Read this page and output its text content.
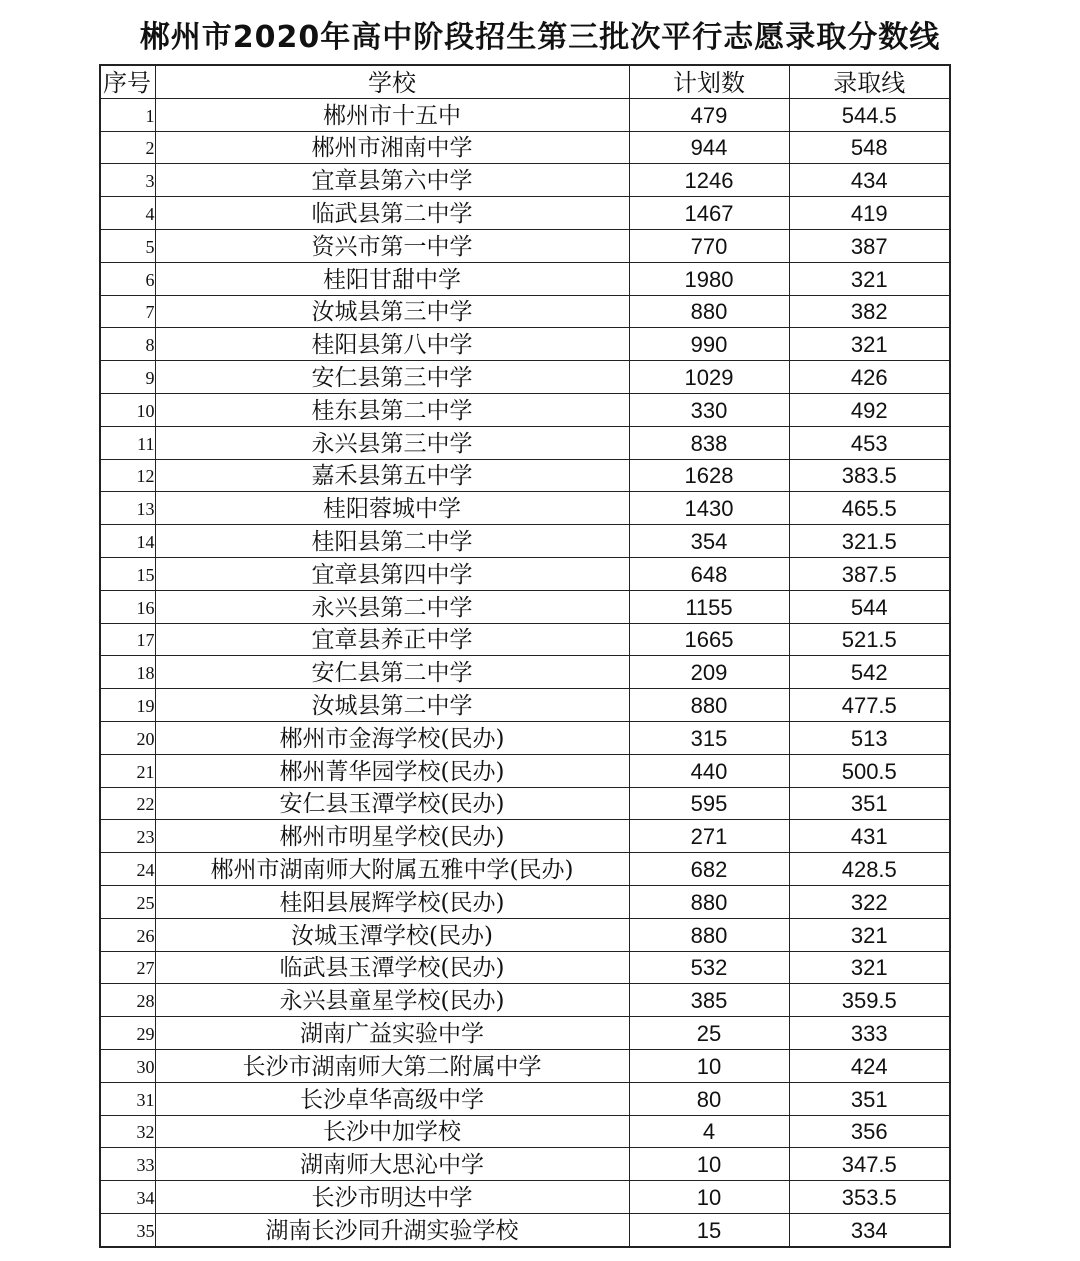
郴州市2020年高中阶段招生第三批次平行志愿录取分数线
序号	学校	计划数	录取线
1	郴州市十五中	479	544.5
2	郴州市湘南中学	944	548
3	宜章县第六中学	1246	434
4	临武县第二中学	1467	419
5	资兴市第一中学	770	387
6	桂阳甘甜中学	1980	321
7	汝城县第三中学	880	382
8	桂阳县第八中学	990	321
9	安仁县第三中学	1029	426
10	桂东县第二中学	330	492
11	永兴县第三中学	838	453
12	嘉禾县第五中学	1628	383.5
13	桂阳蓉城中学	1430	465.5
14	桂阳县第二中学	354	321.5
15	宜章县第四中学	648	387.5
16	永兴县第二中学	1155	544
17	宜章县养正中学	1665	521.5
18	安仁县第二中学	209	542
19	汝城县第二中学	880	477.5
20	郴州市金海学校(民办)	315	513
21	郴州菁华园学校(民办)	440	500.5
22	安仁县玉潭学校(民办)	595	351
23	郴州市明星学校(民办)	271	431
24	郴州市湖南师大附属五雅中学(民办)	682	428.5
25	桂阳县展辉学校(民办)	880	322
26	汝城玉潭学校(民办)	880	321
27	临武县玉潭学校(民办)	532	321
28	永兴县童星学校(民办)	385	359.5
29	湖南广益实验中学	25	333
30	长沙市湖南师大第二附属中学	10	424
31	长沙卓华高级中学	80	351
32	长沙中加学校	4	356
33	湖南师大思沁中学	10	347.5
34	长沙市明达中学	10	353.5
35	湖南长沙同升湖实验学校	15	334
